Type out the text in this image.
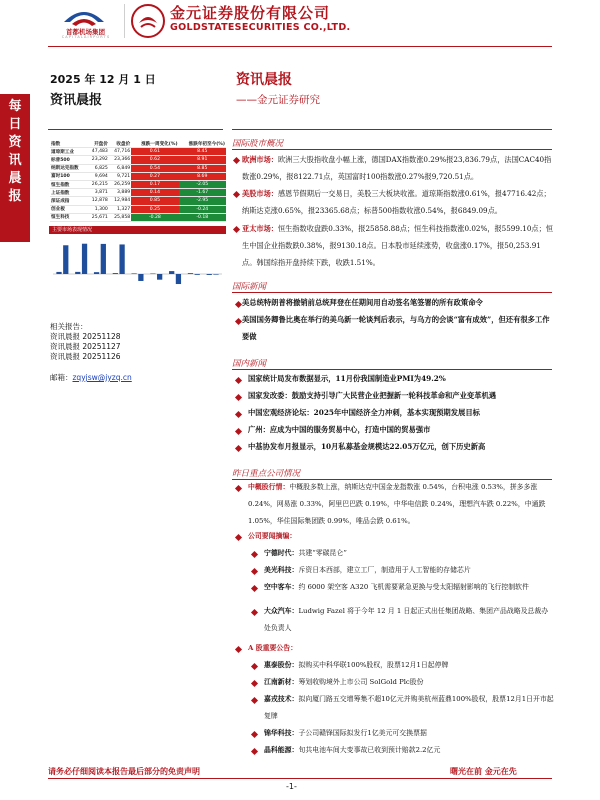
首都机场集团
C A P I T A L A I R P O R T S
金元证券股份有限公司
GOLDSTATESECURITIES CO.,LTD.
每日资讯晨报
2025 年 12 月 1 日
资讯晨报
指数	开盘价	收盘价	涨跌一周变化(%)	涨跌年初至今(%)
道琼斯工业	47,483	47,716	0.61	8.45
标普500	23,292	23,366	0.62	8.91
纳斯达克指数	6,825	6,849	0.54	8.85
富时100	9,694	9,721	0.27	8.69
恒生指数	26,215	26,259	0.17	-2.05
上证指数	3,871	3,889	0.14	-1.67
深证成指	12,878	12,984	0.85	-2.95
创业板	1,300	1,327	0.25	-0.24
恒生科技	25,671	25,858	-0.28	-0.18
主要市场表现情况
相关报告：
资讯晨报 20251128
资讯晨报 20251127
资讯晨报 20251126
邮箱：zqyjsw@jyzq.cn
资讯晨报
——金元证券研究
国际股市概况
欧洲市场：欧洲三大股指收盘小幅上涨，德国DAX指数涨0.29%报23,836.79点，法国CAC40指数涨0.29%，报8122.71点，英国富时100指数涨0.27%报9,720.51点。
美股市场：感恩节假期后一交易日，美股三大板块收涨。道琼斯指数涨0.61%，报47716.42点；纳斯达克涨0.65%，报23365.68点；标普500指数收涨0.54%，报6849.09点。
亚太市场：恒生指数收盘跌0.33%，报25858.88点；恒生科技指数涨0.02%，报5599.10点；恒生中国企业指数跌0.38%，报9130.18点。日本股市延续涨势，收盘涨0.17%，报50,253.91点。韩国综指开盘持续下跌，收跌1.51%。
国际新闻
美总统特朗普将撤销前总统拜登在任期间用自动签名笔签署的所有政策命令
美国国务卿鲁比奥在举行的美乌新一轮谈判后表示，与乌方的会谈“富有成效”，但还有很多工作要做
国内新闻
国家统计局发布数据显示，11月份我国制造业PMI为49.2%
国家发改委：鼓励支持引导广大民营企业把握新一轮科技革命和产业变革机遇
中国宏观经济论坛：2025年中国经济全力冲刺，基本实现预期发展目标
广州：应成为中国的服务贸易中心，打造中国的贸易强市
中基协发布月报显示，10月私募基金规模达22.05万亿元，创下历史新高
昨日重点公司情况
中概股行情：中概股多数上涨，纳斯达克中国金龙指数涨 0.54%，台积电涨 0.53%，拼多多涨 0.24%，网易涨 0.33%，阿里巴巴跌 0.19%，中华电信跌 0.24%，理想汽车跌 0.22%，中通跌 1.05%，华住国际集团跌 0.99%，唯品会跌 0.61%。
公司要闻摘编：
宁德时代：共建“零碳昆仑”
美光科技：斥资日本西部，建立工厂，制造用于人工智能的存储芯片
空中客车：约 6000 架空客 A320 飞机需要紧急更换与受太阳辐射影响的飞行控制软件
大众汽车：Ludwig Fazel 将于今年 12 月 1 日起正式出任集团战略、集团产品战略及总裁办处负责人
A 股重要公告：
惠泰股份：拟购买中科华联100%股权，股票12月1日起停牌
江南新材：筹划收购境外上市公司 SolGold Plc股份
嘉戎技术：拟向厦门路五交增筹集不超10亿元并购美杭州蓝鼎100%股权，股票12月1日开市起复牌
锦华科技：子公司赣锋国际拟发行1亿美元可交换票据
晶科能源：旬共电池车间大变事故已收到预计赔款2.2亿元
请务必仔细阅读本报告最后部分的免责声明	曙光在前 金元在先
-1-
